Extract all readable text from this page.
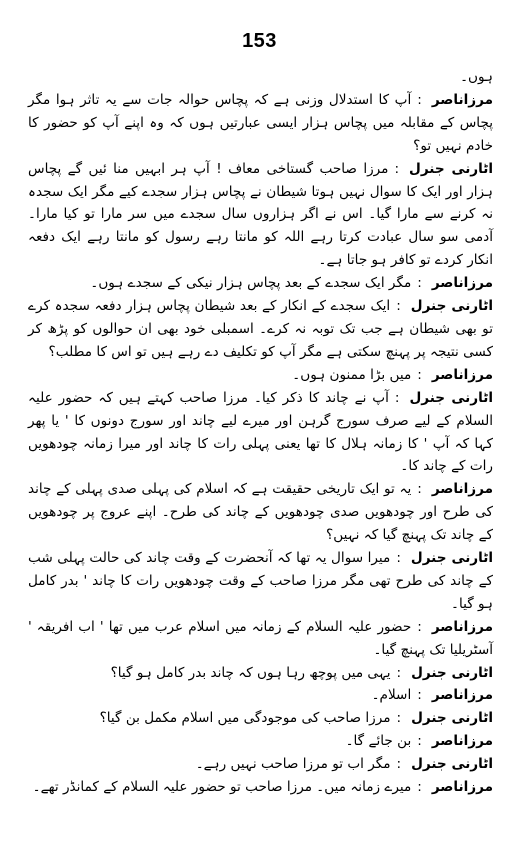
153

ہوں۔

مرزاناصر:آپ کا استدلال وزنی ہے کہ پچاس حوالہ جات سے یہ تاثر ہوا مگر پچاس کے مقابلہ میں پچاس ہزار ایسی عبارتیں ہوں کہ وہ اپنے آپ کو حضور کا خادم نہیں تو؟

اٹارنی جنرل:مرزا صاحب گستاخی معاف ! آپ ہر ابہیں منا ئیں گے پچاس ہزار اور ایک کا سوال نہیں ہوتا شیطان نے پچاس ہزار سجدے کیے مگر ایک سجدہ نہ کرنے سے مارا گیا۔ اس نے اگر ہزاروں سال سجدے میں سر مارا تو کیا مارا۔ آدمی سو سال عبادت کرتا رہے اللہ کو مانتا رہے رسول کو مانتا رہے ایک دفعہ انکار کردے تو کافر ہو جاتا ہے۔

مرزاناصر:مگر ایک سجدے کے بعد پچاس ہزار نیکی کے سجدے ہوں۔

اٹارنی جنرل:ایک سجدے کے انکار کے بعد شیطان پچاس ہزار دفعہ سجدہ کرے تو بھی شیطان ہے جب تک توبہ نہ کرے۔ اسمبلی خود بھی ان حوالوں کو پڑھ کر کسی نتیجہ پر پہنچ سکتی ہے مگر آپ کو تکلیف دے رہے ہیں تو اس کا مطلب؟

مرزاناصر:میں بڑا ممنون ہوں۔

اٹارنی جنرل:آپ نے چاند کا ذکر کیا۔ مرزا صاحب کہتے ہیں کہ حضور علیہ السلام کے لیے صرف سورج گرہن اور میرے لیے چاند اور سورج دونوں کا ' یا پھر کہا کہ آپ ' کا زمانہ ہلال کا تھا یعنی پہلی رات کا چاند اور میرا زمانہ چودھویں رات کے چاند کا۔

مرزاناصر:یہ تو ایک تاریخی حقیقت ہے کہ اسلام کی پہلی صدی پہلی کے چاند کی طرح اور چودھویں صدی چودھویں کے چاند کی طرح۔ اپنے عروج پر چودھویں کے چاند تک پہنچ گیا کہ نہیں؟

اٹارنی جنرل:میرا سوال یہ تھا کہ آنحضرت کے وقت چاند کی حالت پہلی شب کے چاند کی طرح تھی مگر مرزا صاحب کے وقت چودھویں رات کا چاند ' بدر کامل ہو گیا۔

مرزاناصر:حضور علیہ السلام کے زمانہ میں اسلام عرب میں تھا ' اب افریقہ ' آسٹریلیا تک پہنچ گیا۔

اٹارنی جنرل:یہی میں پوچھ رہا ہوں کہ چاند بدر کامل ہو گیا؟

مرزاناصر:اسلام۔

اٹارنی جنرل:مرزا صاحب کی موجودگی میں اسلام مکمل بن گیا؟

مرزاناصر:بن جائے گا۔

اٹارنی جنرل:مگر اب تو مرزا صاحب نہیں رہے۔

مرزاناصر:میرے زمانہ میں۔ مرزا صاحب تو حضور علیہ السلام کے کمانڈر تھے۔
